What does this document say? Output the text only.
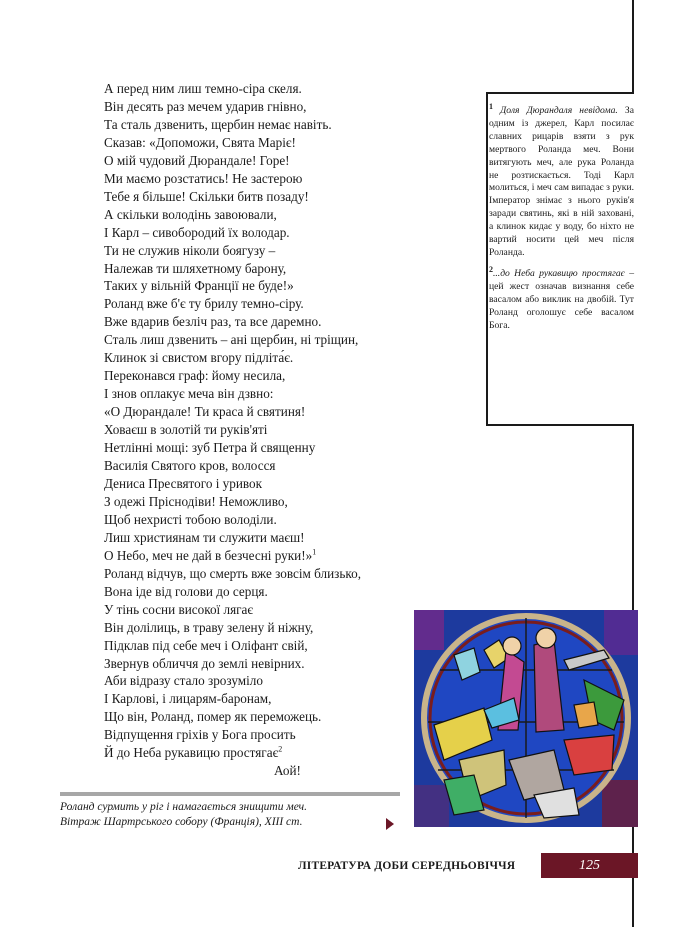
А перед ним лиш темно-сіра скеля.
Він десять раз мечем ударив гнівно,
Та сталь дзвенить, щербин немає навіть.
Сказав: «Допоможи, Свята Маріє!
О мій чудовий Дюрандале! Горе!
Ми маємо розстатись! Не застерою
Тебе я більше! Скільки битв позаду!
А скільки володінь завоювали,
І Карл – сивобородий їх володар.
Ти не служив ніколи боягузу –
Належав ти шляхетному барону,
Таких у вільній Франції не буде!»
Роланд вже б'є ту брилу темно-сіру.
Вже вдарив безліч раз, та все даремно.
Сталь лиш дзвенить – ані щербин, ні тріщин,
Клинок зі свистом вгору підліта́є.
Переконався граф: йому несила,
І знов оплакує меча він дзвно:
«О Дюрандале! Ти краса й святиня!
Ховаєш в золотій ти руків'яті
Нетлінні мощі: зуб Петра й священну
Василія Святого кров, волосся
Дениса Пресвятого і уривок
З одежі Пріснодіви! Неможливо,
Щоб нехристі тобою володіли.
Лиш християнам ти служити маєш!
О Небо, меч не дай в безчесні руки!»$^1$
Роланд відчув, що смерть вже зовсім близько,
Вона іде від голови до серця.
У тінь сосни високої лягає
Він долілиць, в траву зелену й ніжну,
Підклав під себе меч і Оліфант свій,
Звернув обличчя до землі невірних.
Аби відразу стало зрозуміло
І Карлові, і лицарям-баронам,
Що він, Роланд, помер як переможець.
Відпущення гріхів у Бога просить
Й до Неба рукавицю простягає$^2$
Аой!

$^1$ Доля Дюрандаля невідома. За одним із джерел, Карл посилає славних рицарів взяти з рук мертвого Роланда меч. Вони витягують меч, але рука Роланда не розтискається. Тоді Карл молиться, і меч сам випадає з руки. Імператор знімає з нього руків'я заради святинь, які в ній заховані, а клинок кидає у воду, бо ніхто не вартий носити цей меч після Роланда.

$^2$...до Неба рукавицю простягає – цей жест означав визнання себе васалом або виклик на двобій. Тут Роланд оголошує себе васалом Бога.

Роланд сурмить у ріг і намагається знищити меч.
Вітраж Шартрського собору (Франція), XIII ст.
ЛІТЕРАТУРА ДОБИ СЕРЕДНЬОВІЧЧЯ	125
